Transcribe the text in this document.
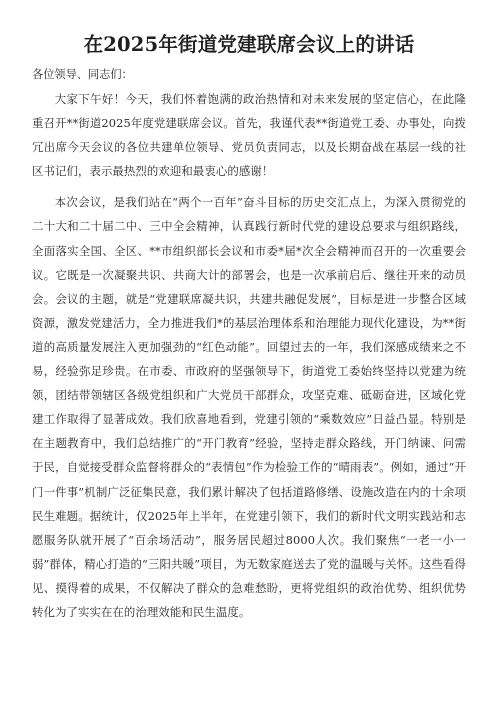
在2025年街道党建联席会议上的讲话

各位领导、同志们：

大家下午好！今天，我们怀着饱满的政治热情和对未来发展的坚定信心，在此隆重召开**街道2025年度党建联席会议。首先，我谨代表**街道党工委、办事处，向拨冗出席今天会议的各位共建单位领导、党员负责同志，以及长期奋战在基层一线的社区书记们，表示最热烈的欢迎和最衷心的感谢！

本次会议，是我们站在“两个一百年”奋斗目标的历史交汇点上，为深入贯彻党的二十大和二十届二中、三中全会精神，认真践行新时代党的建设总要求与组织路线，全面落实全国、全区、**市组织部长会议和市委*届*次全会精神而召开的一次重要会议。它既是一次凝聚共识、共商大计的部署会，也是一次承前启后、继往开来的动员会。会议的主题，就是“党建联席凝共识，共建共融促发展”，目标是进一步整合区域资源，激发党建活力，全力推进我们*的基层治理体系和治理能力现代化建设，为**街道的高质量发展注入更加强劲的“红色动能”。回望过去的一年，我们深感成绩来之不易，经验弥足珍贵。在市委、市政府的坚强领导下，街道党工委始终坚持以党建为统领，团结带领辖区各级党组织和广大党员干部群众，攻坚克难、砥砺奋进，区域化党建工作取得了显著成效。我们欣喜地看到，党建引领的“乘数效应”日益凸显。特别是在主题教育中，我们总结推广的“开门教育”经验，坚持走群众路线，开门纳谏、问需于民，自觉接受群众监督将群众的“表情包”作为检验工作的“晴雨表”。例如，通过“开门一件事”机制广泛征集民意，我们累计解决了包括道路修缮、设施改造在内的十余项民生难题。据统计，仅2025年上半年，在党建引领下，我们的新时代文明实践站和志愿服务队就开展了“百余场活动”，服务居民超过8000人次。我们聚焦“一老一小一弱”群体，精心打造的“三阳共暖”项目，为无数家庭送去了党的温暖与关怀。这些看得见、摸得着的成果，不仅解决了群众的急难愁盼，更将党组织的政治优势、组织优势转化为了实实在在的治理效能和民生温度。
